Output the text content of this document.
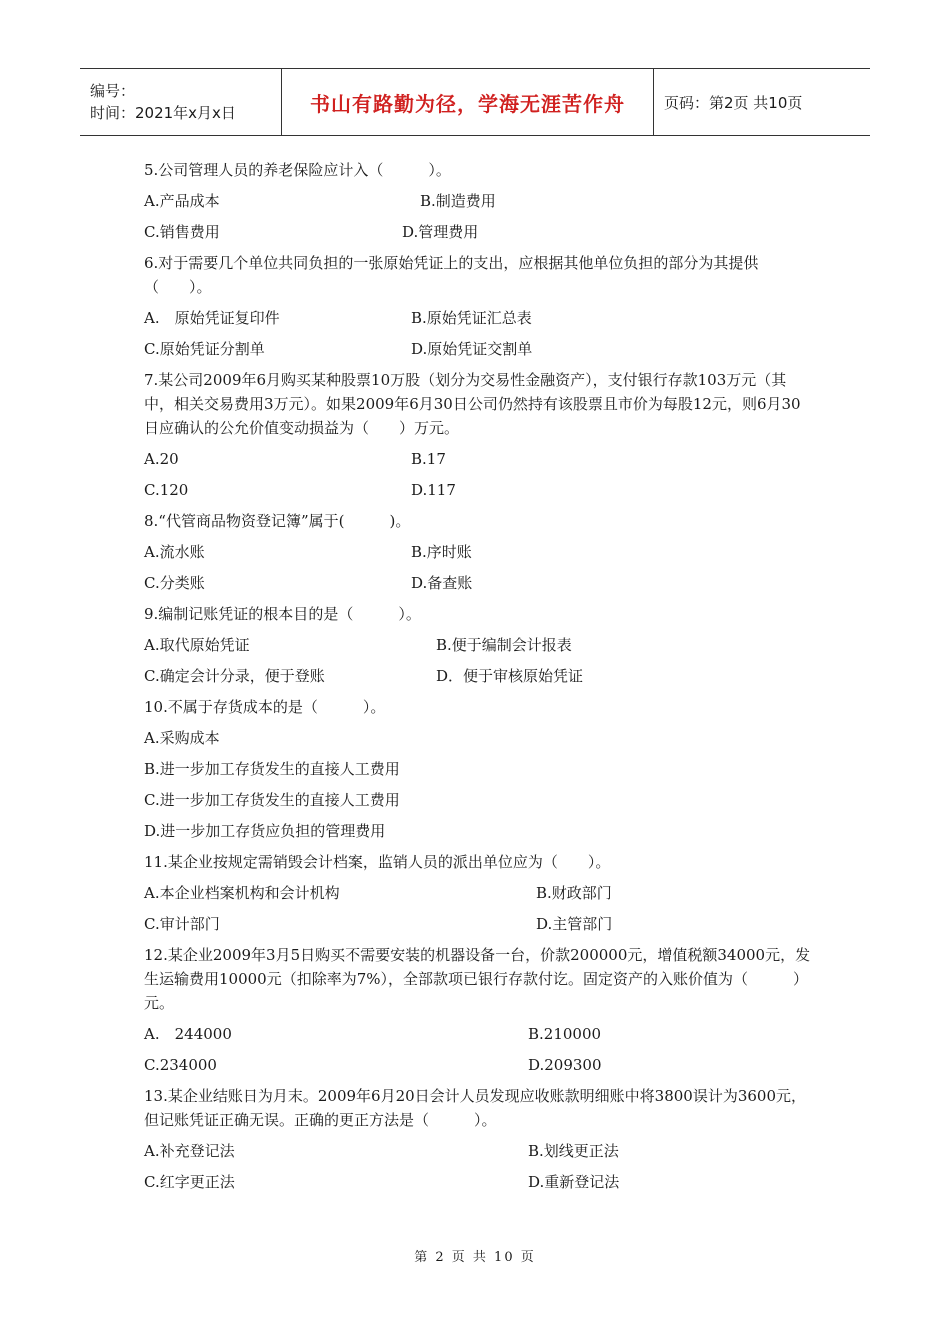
编号：
时间：2021年x月x日	书山有路勤为径，学海无涯苦作舟	页码：第2页 共10页
5.公司管理人员的养老保险应计入（　　　）。
A.产品成本	B.制造费用
C.销售费用	D.管理费用
6.对于需要几个单位共同负担的一张原始凭证上的支出，应根据其他单位负担的部分为其提供（　　）。
A.　原始凭证复印件	B.原始凭证汇总表
C.原始凭证分割单	D.原始凭证交割单
7.某公司2009年6月购买某种股票10万股（划分为交易性金融资产），支付银行存款103万元（其中，相关交易费用3万元）。如果2009年6月30日公司仍然持有该股票且市价为每股12元，则6月30日应确认的公允价值变动损益为（　　）万元。
A.20	B.17
C.120	D.117
8.“代管商品物资登记簿”属于(　　　)。
A.流水账	B.序时账
C.分类账	D.备查账
9.编制记账凭证的根本目的是（　　　）。
A.取代原始凭证	B.便于编制会计报表
C.确定会计分录，便于登账	D．便于审核原始凭证
10.不属于存货成本的是（　　　）。
A.采购成本
B.进一步加工存货发生的直接人工费用
C.进一步加工存货发生的直接人工费用
D.进一步加工存货应负担的管理费用
11.某企业按规定需销毁会计档案，监销人员的派出单位应为（　　）。
A.本企业档案机构和会计机构	B.财政部门
C.审计部门	D.主管部门
12.某企业2009年3月5日购买不需要安装的机器设备一台，价款200000元，增值税额34000元，发生运输费用10000元（扣除率为7%），全部款项已银行存款付讫。固定资产的入账价值为（　　　）元。
A.　244000	B.210000
C.234000	D.209300
13.某企业结账日为月末。2009年6月20日会计人员发现应收账款明细账中将3800误计为3600元，但记账凭证正确无误。正确的更正方法是（　　　）。
A.补充登记法	B.划线更正法
C.红字更正法	D.重新登记法
第 2 页 共 10 页
